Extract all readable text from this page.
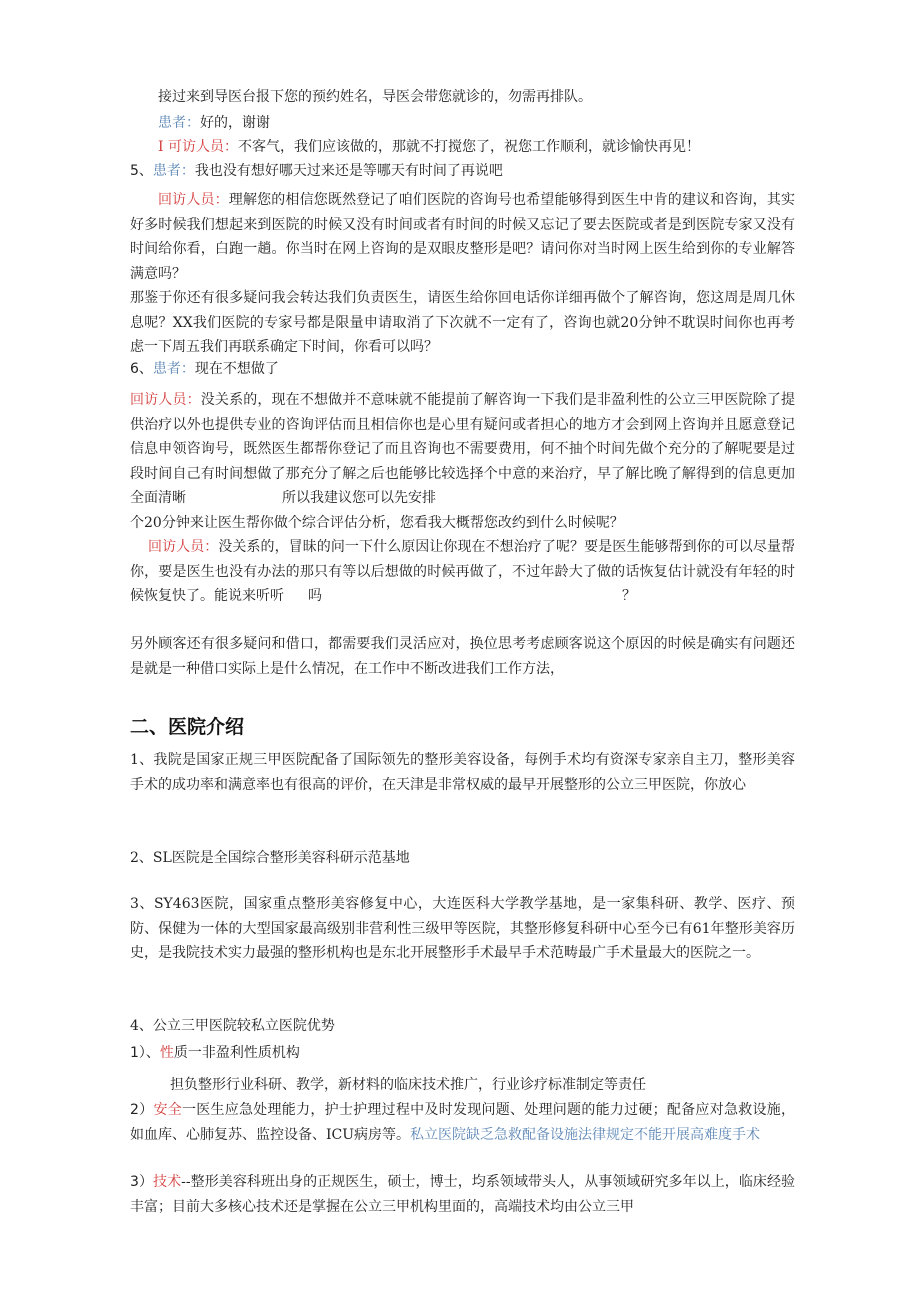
接过来到导医台报下您的预约姓名，导医会带您就诊的，勿需再排队。
患者：好的，谢谢
I 可访人员：不客气，我们应该做的，那就不打搅您了，祝您工作顺利，就诊愉快再见！
5、患者：我也没有想好哪天过来还是等哪天有时间了再说吧
回访人员：理解您的相信您既然登记了咱们医院的咨询号也希望能够得到医生中肯的建议和咨询，其实好多时候我们想起来到医院的时候又没有时间或者有时间的时候又忘记了要去医院或者是到医院专家又没有时间给你看，白跑一趟。你当时在网上咨询的是双眼皮整形是吧？请问你对当时网上医生给到你的专业解答满意吗？
那鉴于你还有很多疑问我会转达我们负责医生，请医生给你回电话你详细再做个了解咨询，您这周是周几休息呢？XX我们医院的专家号都是限量申请取消了下次就不一定有了，咨询也就20分钟不耽误时间你也再考虑一下周五我们再联系确定下时间，你看可以吗？
6、患者：现在不想做了
回访人员：没关系的，现在不想做并不意味就不能提前了解咨询一下我们是非盈利性的公立三甲医院除了提供治疗以外也提供专业的咨询评估而且相信你也是心里有疑问或者担心的地方才会到网上咨询并且愿意登记信息申领咨询号，既然医生都帮你登记了而且咨询也不需要费用，何不抽个时间先做个充分的了解呢要是过段时间自己有时间想做了那充分了解之后也能够比较选择个中意的来治疗，早了解比晚了解得到的信息更加全面清晰	所以我建议您可以先安排
个20分钟来让医生帮你做个综合评估分析，您看我大概帮您改约到什么时候呢？
回访人员：没关系的，冒昧的问一下什么原因让你现在不想治疗了呢？要是医生能够帮到你的可以尽量帮你，要是医生也没有办法的那只有等以后想做的时候再做了，不过年龄大了做的话恢复估计就没有年轻的时候恢复快了。能说来听听 吗	？
另外顾客还有很多疑问和借口，都需要我们灵活应对，换位思考考虑顾客说这个原因的时候是确实有问题还是就是一种借口实际上是什么情况，在工作中不断改进我们工作方法，
二、医院介绍
1、我院是国家正规三甲医院配备了国际领先的整形美容设备，每例手术均有资深专家亲自主刀，整形美容手术的成功率和满意率也有很高的评价，在天津是非常权威的最早开展整形的公立三甲医院，你放心
2、SL医院是全国综合整形美容科研示范基地
3、SY463医院，国家重点整形美容修复中心，大连医科大学教学基地，是一家集科研、教学、医疗、预防、保健为一体的大型国家最高级别非营利性三级甲等医院，其整形修复科研中心至今已有61年整形美容历史，是我院技术实力最强的整形机构也是东北开展整形手术最早手术范畴最广手术量最大的医院之一。
4、公立三甲医院较私立医院优势
1）、性质一非盈利性质机构
担负整形行业科研、教学，新材料的临床技术推广，行业诊疗标准制定等责任
2）安全一医生应急处理能力，护士护理过程中及时发现问题、处理问题的能力过硬；配备应对急救设施，如血库、心肺复苏、监控设备、ICU病房等。私立医院缺乏急救配备设施法律规定不能开展高难度手术
3）技术--整形美容科班出身的正规医生，硕士，博士，均系领域带头人，从事领域研究多年以上，临床经验丰富；目前大多核心技术还是掌握在公立三甲机构里面的，高端技术均由公立三甲
